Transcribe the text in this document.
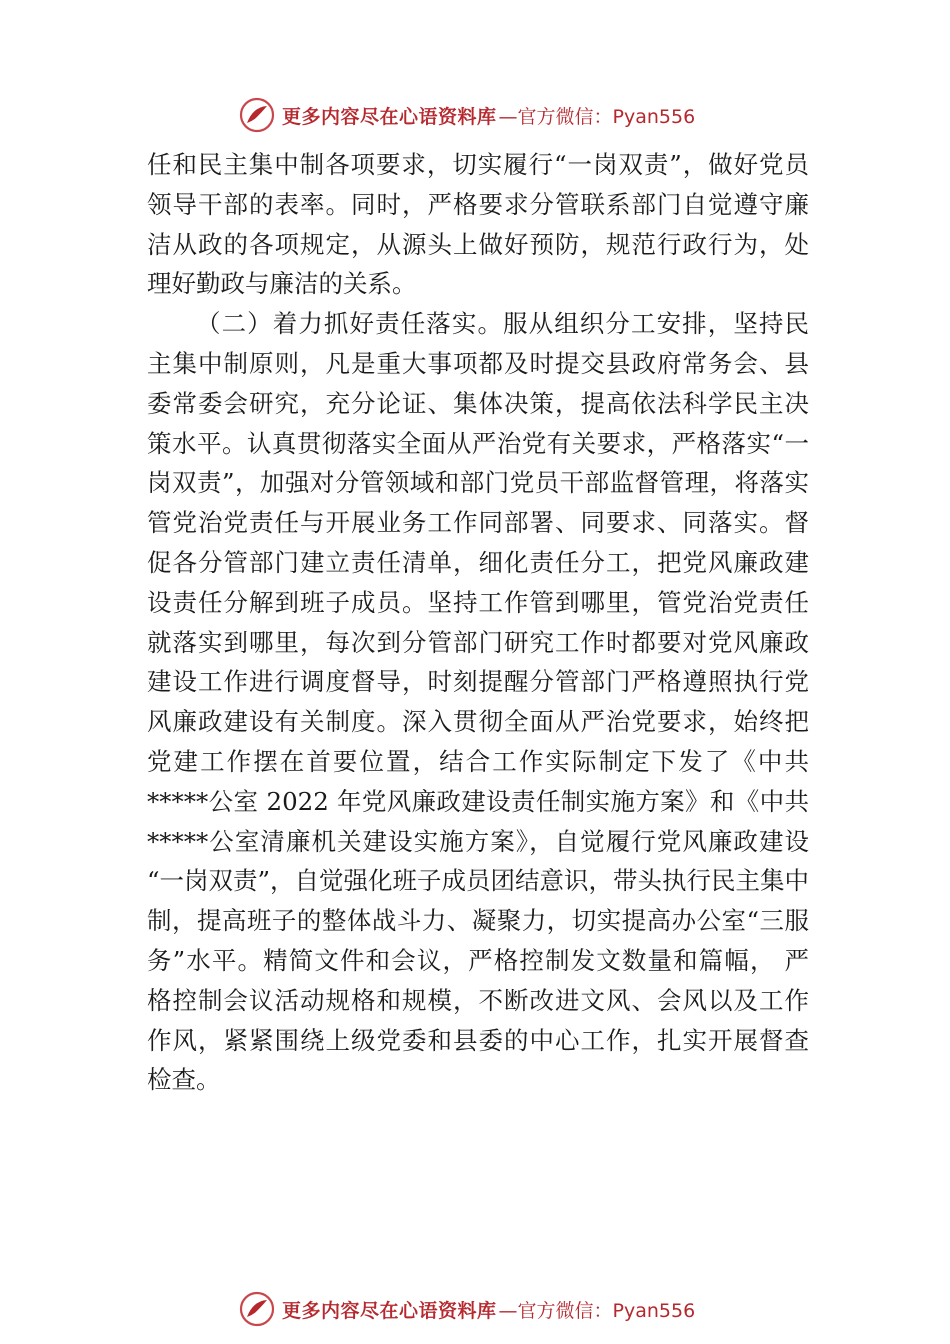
更多内容尽在心语资料库 —官方微信：Pyan556
任和民主集中制各项要求，切实履行“一岗双责”，做好党员
领导干部的表率。同时，严格要求分管联系部门自觉遵守廉
洁从政的各项规定，从源头上做好预防，规范行政行为，处
理好勤政与廉洁的关系。
（二）着力抓好责任落实。服从组织分工安排，坚持民
主集中制原则，凡是重大事项都及时提交县政府常务会、县
委常委会研究，充分论证、集体决策，提高依法科学民主决
策水平。认真贯彻落实全面从严治党有关要求，严格落实“一
岗双责”，加强对分管领域和部门党员干部监督管理，将落实
管党治党责任与开展业务工作同部署、同要求、同落实。督
促各分管部门建立责任清单，细化责任分工，把党风廉政建
设责任分解到班子成员。坚持工作管到哪里，管党治党责任
就落实到哪里，每次到分管部门研究工作时都要对党风廉政
建设工作进行调度督导，时刻提醒分管部门严格遵照执行党
风廉政建设有关制度。深入贯彻全面从严治党要求，始终把
党建工作摆在首要位置，结合工作实际制定下发了《中共
*****公室 2022 年党风廉政建设责任制实施方案》和《中共
*****公室清廉机关建设实施方案》，自觉履行党风廉政建设
“一岗双责”，自觉强化班子成员团结意识，带头执行民主集中
制，提高班子的整体战斗力、凝聚力，切实提高办公室“三服
务”水平。精简文件和会议，严格控制发文数量和篇幅， 严
格控制会议活动规格和规模，不断改进文风、会风以及工作
作风，紧紧围绕上级党委和县委的中心工作，扎实开展督查
检查。
更多内容尽在心语资料库 —官方微信：Pyan556
